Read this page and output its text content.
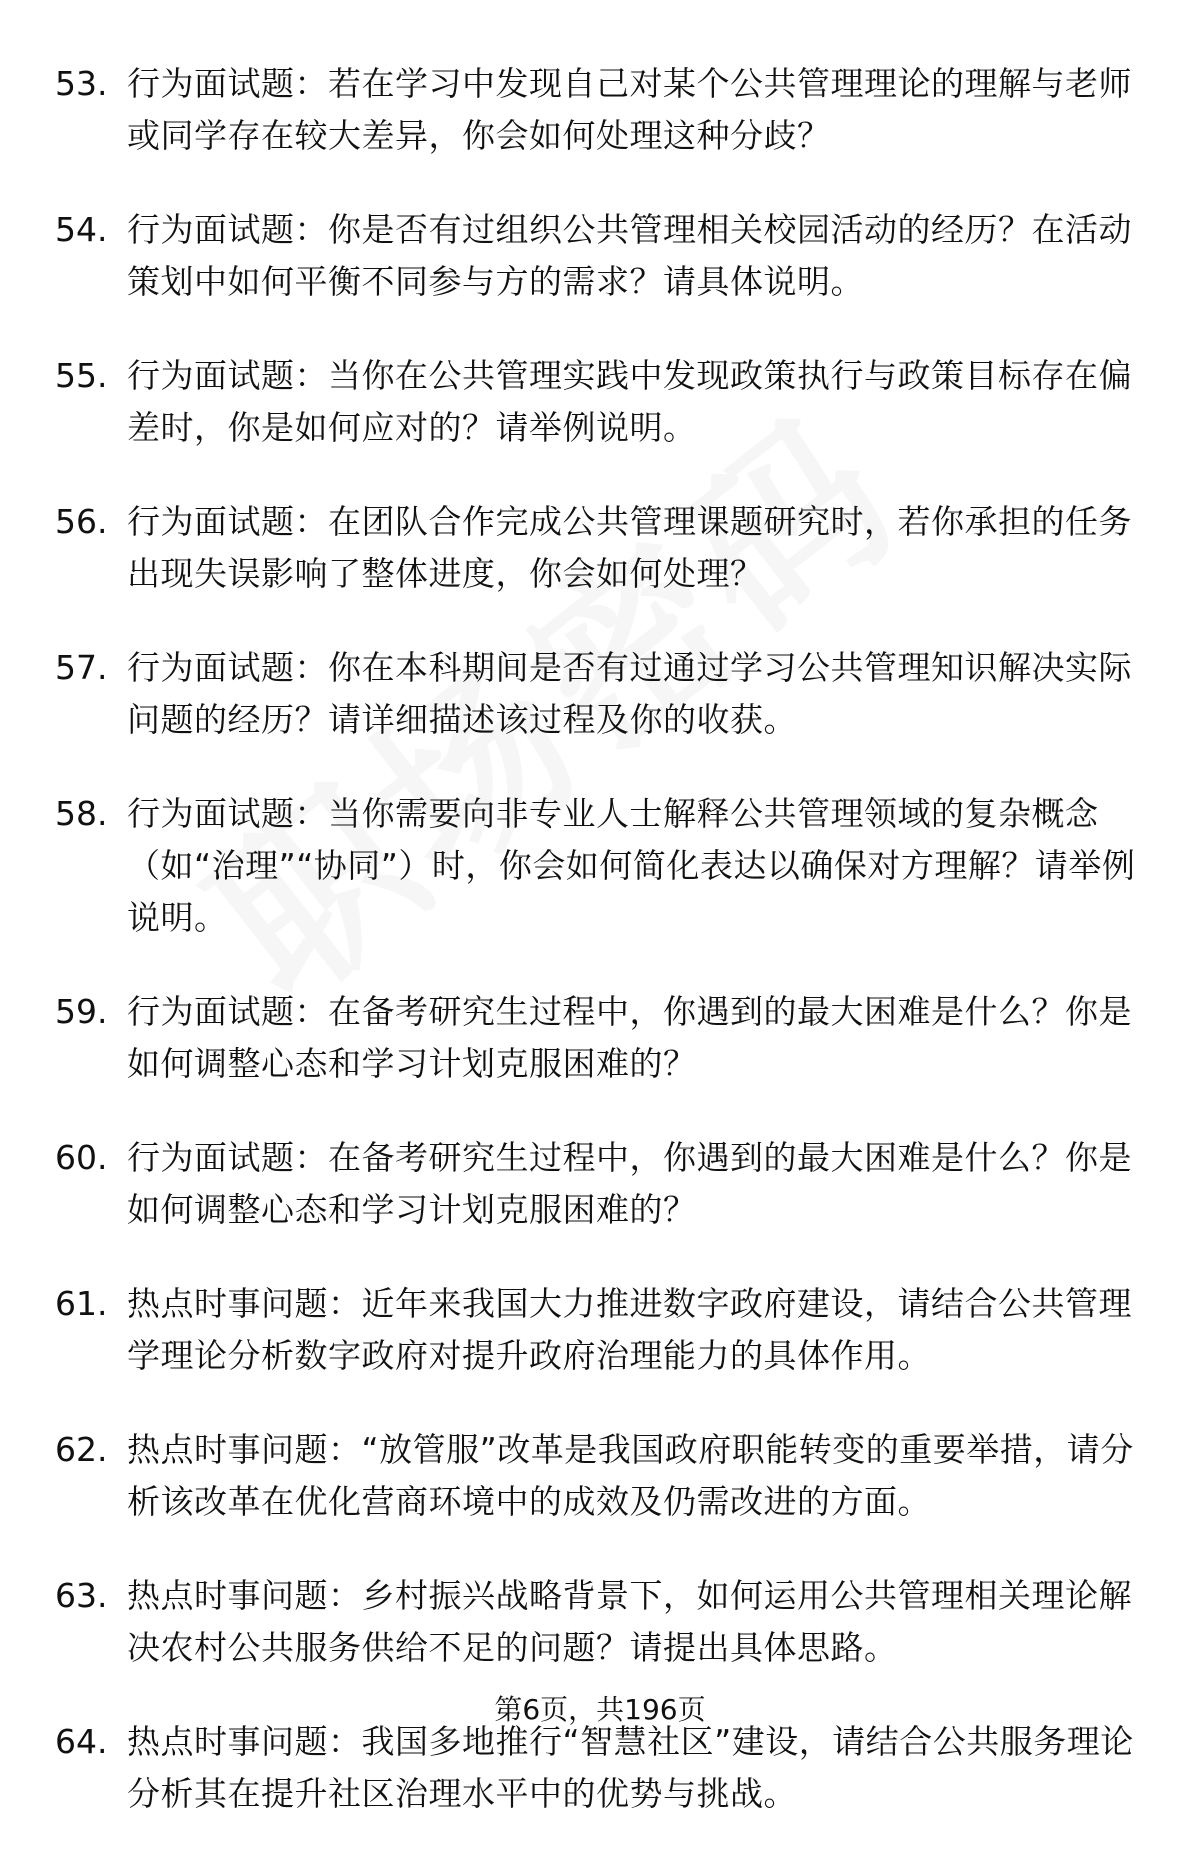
53. 行为面试题：若在学习中发现自己对某个公共管理理论的理解与老师或同学存在较大差异，你会如何处理这种分歧？
54. 行为面试题：你是否有过组织公共管理相关校园活动的经历？在活动策划中如何平衡不同参与方的需求？请具体说明。
55. 行为面试题：当你在公共管理实践中发现政策执行与政策目标存在偏差时，你是如何应对的？请举例说明。
56. 行为面试题：在团队合作完成公共管理课题研究时，若你承担的任务出现失误影响了整体进度，你会如何处理？
57. 行为面试题：你在本科期间是否有过通过学习公共管理知识解决实际问题的经历？请详细描述该过程及你的收获。
58. 行为面试题：当你需要向非专业人士解释公共管理领域的复杂概念（如“治理”“协同”）时，你会如何简化表达以确保对方理解？请举例说明。
59. 行为面试题：在备考研究生过程中，你遇到的最大困难是什么？你是如何调整心态和学习计划克服困难的？
60. 行为面试题：在备考研究生过程中，你遇到的最大困难是什么？你是如何调整心态和学习计划克服困难的？
61. 热点时事问题：近年来我国大力推进数字政府建设，请结合公共管理学理论分析数字政府对提升政府治理能力的具体作用。
62. 热点时事问题：“放管服”改革是我国政府职能转变的重要举措，请分析该改革在优化营商环境中的成效及仍需改进的方面。
63. 热点时事问题：乡村振兴战略背景下，如何运用公共管理相关理论解决农村公共服务供给不足的问题？请提出具体思路。
64. 热点时事问题：我国多地推行“智慧社区”建设，请结合公共服务理论分析其在提升社区治理水平中的优势与挑战。
第6页，共196页
